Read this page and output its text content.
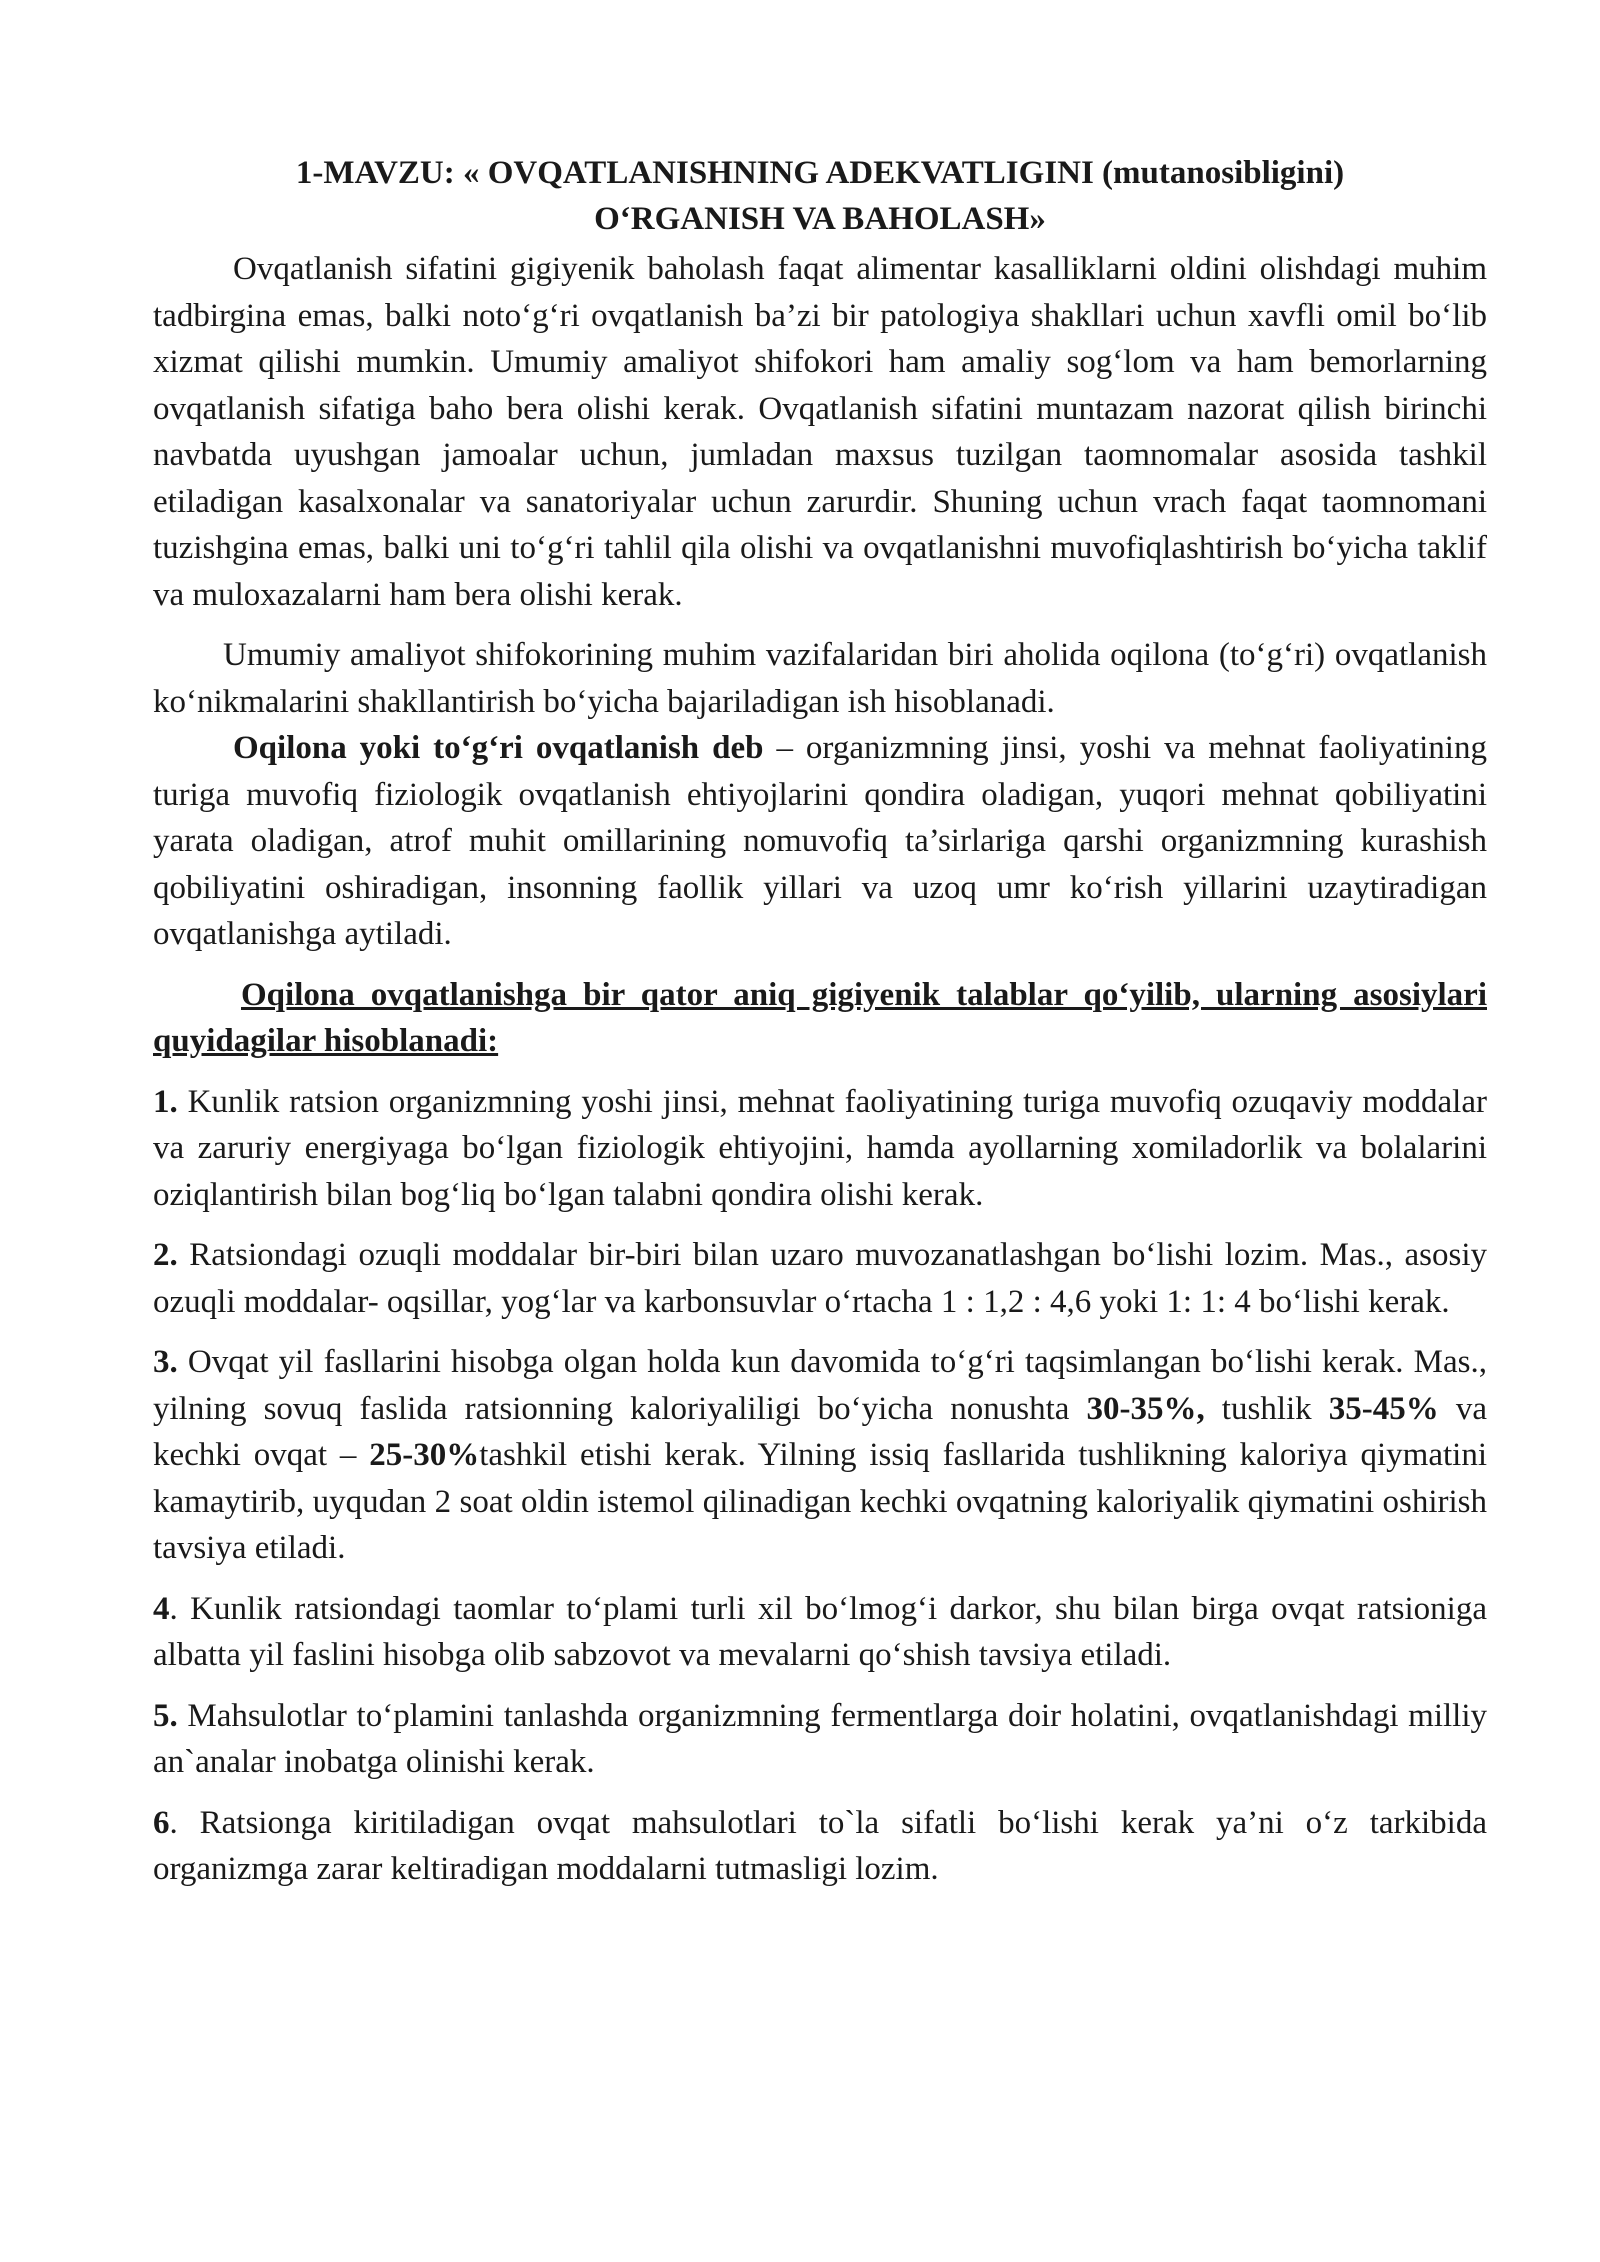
1-MAVZU: « OVQATLANISHNING ADEKVATLIGINI (mutanosibligini)
O‘RGANISH VA BAHOLASH»

Ovqatlanish sifatini gigiyenik baholash faqat alimentar kasalliklarni oldini olishdagi muhim tadbirgina emas, balki noto‘g‘ri ovqatlanish ba’zi bir patologiya shakllari uchun xavfli omil bo‘lib xizmat qilishi mumkin. Umumiy amaliyot shifokori ham amaliy sog‘lom va ham bemorlarning ovqatlanish sifatiga baho bera olishi kerak. Ovqatlanish sifatini muntazam nazorat qilish birinchi navbatda uyushgan jamoalar uchun, jumladan maxsus tuzilgan taomnomalar asosida tashkil etiladigan kasalxonalar va sanatoriyalar uchun zarurdir. Shuning uchun vrach faqat taomnomani tuzishgina emas, balki uni to‘g‘ri tahlil qila olishi va ovqatlanishni muvofiqlashtirish bo‘yicha taklif va muloxazalarni ham bera olishi kerak.

Umumiy amaliyot shifokorining muhim vazifalaridan biri aholida oqilona (to‘g‘ri) ovqatlanish ko‘nikmalarini shakllantirish bo‘yicha bajariladigan ish hisoblanadi.

Oqilona yoki to‘g‘ri ovqatlanish deb – organizmning jinsi, yoshi va mehnat faoliyatining turiga muvofiq fiziologik ovqatlanish ehtiyojlarini qondira oladigan, yuqori mehnat qobiliyatini yarata oladigan, atrof muhit omillarining nomuvofiq ta’sirlariga qarshi organizmning kurashish qobiliyatini oshiradigan, insonning faollik yillari va uzoq umr ko‘rish yillarini uzaytiradigan ovqatlanishga aytiladi.

Oqilona ovqatlanishga bir qator aniq gigiyenik talablar qo‘yilib, ularning asosiylari quyidagilar hisoblanadi:

1. Kunlik ratsion organizmning yoshi jinsi, mehnat faoliyatining turiga muvofiq ozuqaviy moddalar va zaruriy energiyaga bo‘lgan fiziologik ehtiyojini, hamda ayollarning xomiladorlik va bolalarini oziqlantirish bilan bog‘liq bo‘lgan talabni qondira olishi kerak.

2. Ratsiondagi ozuqli moddalar bir-biri bilan uzaro muvozanatlashgan bo‘lishi lozim. Mas., asosiy ozuqli moddalar- oqsillar, yog‘lar va karbonsuvlar o‘rtacha 1 : 1,2 : 4,6 yoki 1: 1: 4 bo‘lishi kerak.

3. Ovqat yil fasllarini hisobga olgan holda kun davomida to‘g‘ri taqsimlangan bo‘lishi kerak. Mas., yilning sovuq faslida ratsionning kaloriyaliligi bo‘yicha nonushta 30-35%, tushlik 35-45% va kechki ovqat – 25-30%tashkil etishi kerak. Yilning issiq fasllarida tushlikning kaloriya qiymatini kamaytirib, uyqudan 2 soat oldin istemol qilinadigan kechki ovqatning kaloriyalik qiymatini oshirish tavsiya etiladi.

4. Kunlik ratsiondagi taomlar to‘plami turli xil bo‘lmog‘i darkor, shu bilan birga ovqat ratsioniga albatta yil faslini hisobga olib sabzovot va mevalarni qo‘shish tavsiya etiladi.

5. Mahsulotlar to‘plamini tanlashda organizmning fermentlarga doir holatini, ovqatlanishdagi milliy an`analar inobatga olinishi kerak.

6. Ratsionga kiritiladigan ovqat mahsulotlari to`la sifatli bo‘lishi kerak ya’ni o‘z tarkibida organizmga zarar keltiradigan moddalarni tutmasligi lozim.
